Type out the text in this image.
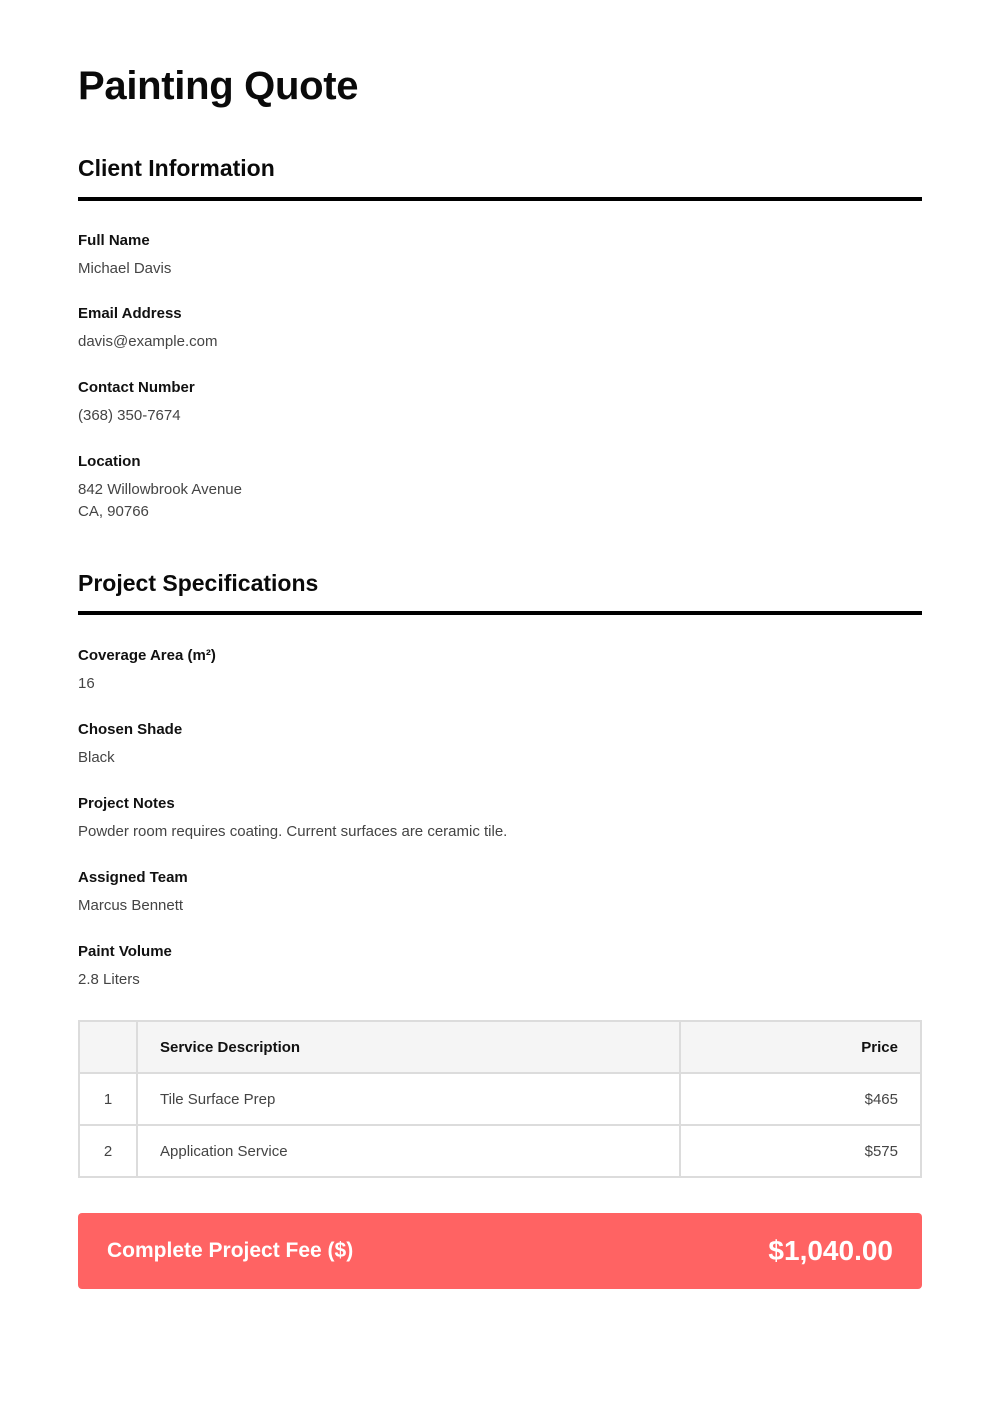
Painting Quote
Client Information
Full Name
Michael Davis
Email Address
davis@example.com
Contact Number
(368) 350-7674
Location
842 Willowbrook Avenue
CA, 90766
Project Specifications
Coverage Area (m²)
16
Chosen Shade
Black
Project Notes
Powder room requires coating. Current surfaces are ceramic tile.
Assigned Team
Marcus Bennett
Paint Volume
2.8 Liters
	Service Description	Price
1	Tile Surface Prep	$465
2	Application Service	$575
Complete Project Fee ($)	$1,040.00
